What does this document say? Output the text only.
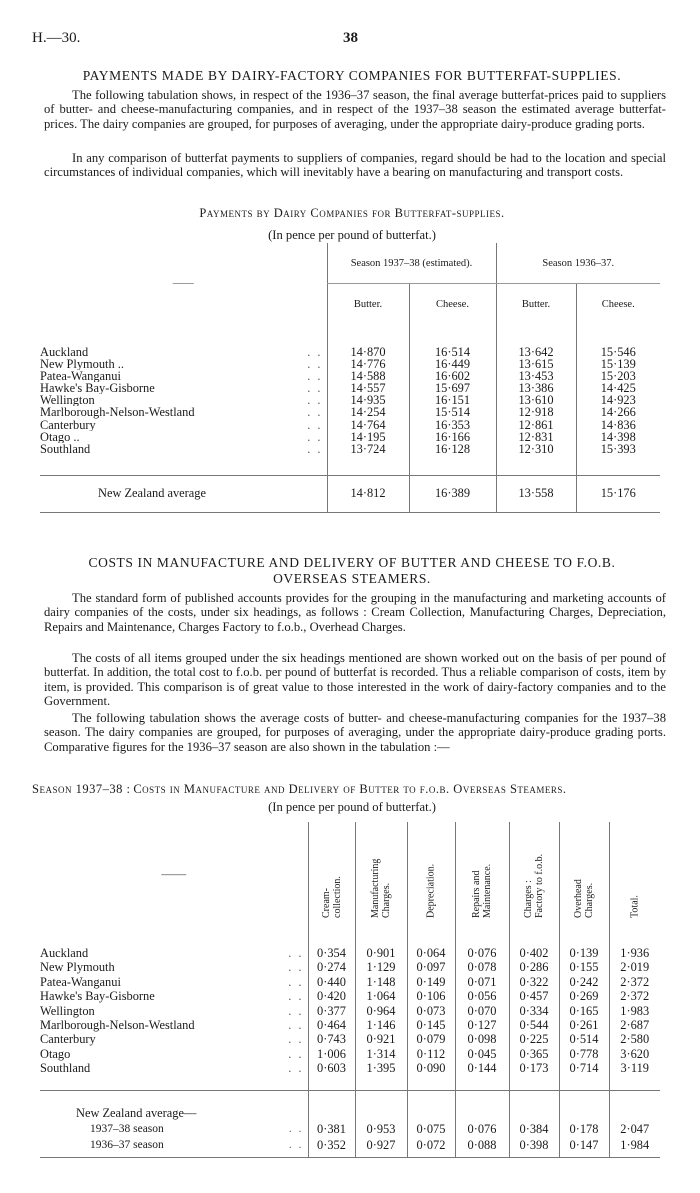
H.—30.	38
PAYMENTS MADE BY DAIRY-FACTORY COMPANIES FOR BUTTERFAT-SUPPLIES.
The following tabulation shows, in respect of the 1936–37 season, the final average butterfat-prices paid to suppliers of butter- and cheese-manufacturing companies, and in respect of the 1937–38 season the estimated average butterfat-prices. The dairy companies are grouped, for purposes of averaging, under the appropriate dairy-produce grading ports.
In any comparison of butterfat payments to suppliers of companies, regard should be had to the location and special circumstances of individual companies, which will inevitably have a bearing on manufacturing and transport costs.
Payments by Dairy Companies for Butterfat-supplies.
(In pence per pound of butterfat.)
——	Season 1937–38 (estimated).		Season 1936–37.	
	Butter.	Cheese.	Butter.	Cheese.
Auckland . .	14·870	16·514	13·642	15·546
New Plymouth .. . .	14·776	16·449	13·615	15·139
Patea-Wanganui . .	14·588	16·602	13·453	15·203
Hawke's Bay-Gisborne . .	14·557	15·697	13·386	14·425
Wellington . .	14·935	16·151	13·610	14·923
Marlborough-Nelson-Westland . .	14·254	15·514	12·918	14·266
Canterbury . .	14·764	16·353	12·861	14·836
Otago .. . .	14·195	16·166	12·831	14·398
Southland . .	13·724	16·128	12·310	15·393
New Zealand average	14·812	16·389	13·558	15·176
COSTS IN MANUFACTURE AND DELIVERY OF BUTTER AND CHEESE TO F.O.B.
OVERSEAS STEAMERS.
The standard form of published accounts provides for the grouping in the manufacturing and marketing accounts of dairy companies of the costs, under six headings, as follows : Cream Collection, Manufacturing Charges, Depreciation, Repairs and Maintenance, Charges Factory to f.o.b., Overhead Charges.
The costs of all items grouped under the six headings mentioned are shown worked out on the basis of per pound of butterfat. In addition, the total cost to f.o.b. per pound of butterfat is recorded. Thus a reliable comparison of costs, item by item, is provided. This comparison is of great value to those interested in the work of dairy-factory companies and to the Government.
The following tabulation shows the average costs of butter- and cheese-manufacturing companies for the 1937–38 season. The dairy companies are grouped, for purposes of averaging, under the appropriate dairy-produce grading ports. Comparative figures for the 1936–37 season are also shown in the tabulation :—
Season 1937–38 : Costs in Manufacture and Delivery of Butter to f.o.b. Overseas Steamers.
(In pence per pound of butterfat.)
——	Cream-
collection.	Manufacturing
Charges.	Depreciation.	Repairs and
Maintenance.	Charges :
Factory to f.o.b.	Overhead
Charges.	Total.

Auckland . .	0·354	0·901	0·064	0·076	0·402	0·139	1·936
New Plymouth . .	0·274	1·129	0·097	0·078	0·286	0·155	2·019
Patea-Wanganui . .	0·440	1·148	0·149	0·071	0·322	0·242	2·372
Hawke's Bay-Gisborne . .	0·420	1·064	0·106	0·056	0·457	0·269	2·372
Wellington . .	0·377	0·964	0·073	0·070	0·334	0·165	1·983
Marlborough-Nelson-Westland . .	0·464	1·146	0·145	0·127	0·544	0·261	2·687
Canterbury . .	0·743	0·921	0·079	0·098	0·225	0·514	2·580
Otago . .	1·006	1·314	0·112	0·045	0·365	0·778	3·620
Southland . .	0·603	1·395	0·090	0·144	0·173	0·714	3·119
New Zealand average—							
1937–38 season . .	0·381	0·953	0·075	0·076	0·384	0·178	2·047
1936–37 season . .	0·352	0·927	0·072	0·088	0·398	0·147	1·984
